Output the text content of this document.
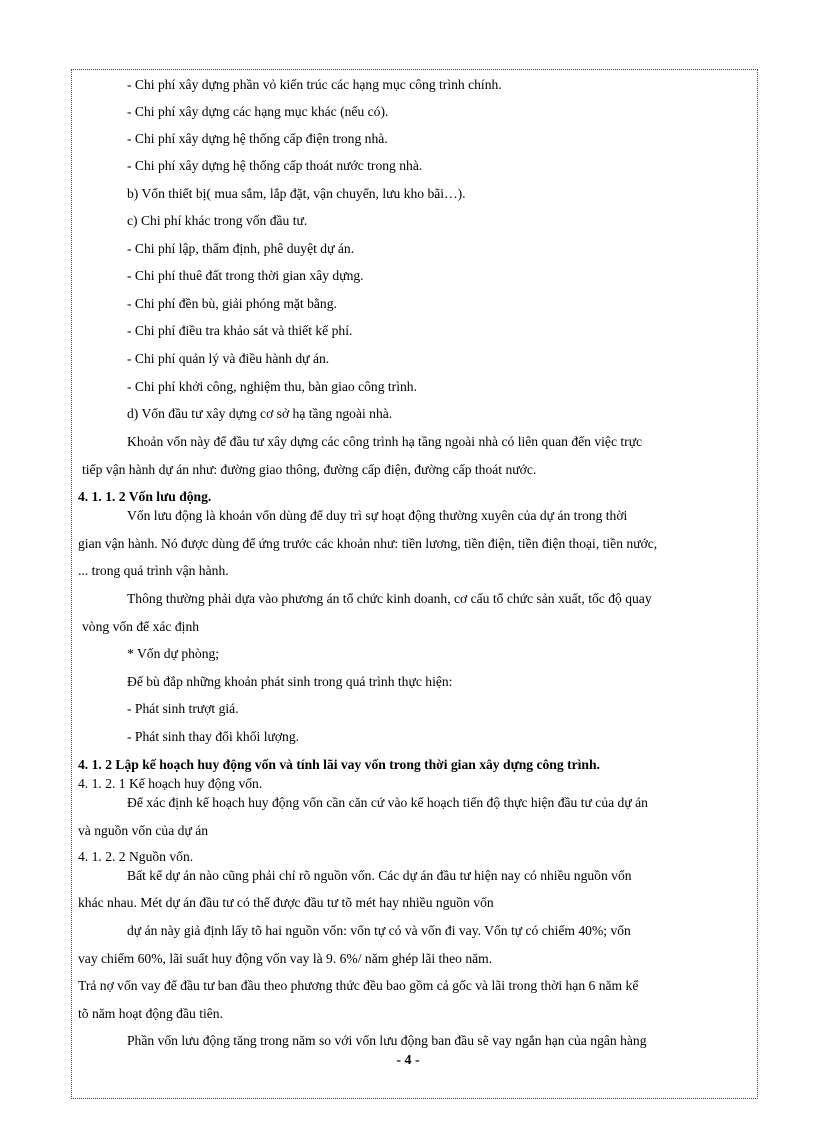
- Chi phí xây dựng phần vỏ kiến trúc các hạng mục công trình chính.
- Chi phí xây dựng các hạng mục khác (nếu có).
- Chi phí xây dựng hệ thống cấp điện trong nhà.
- Chi phí xây dựng hệ thống cấp thoát nước trong nhà.
b) Vốn thiết bị( mua sắm, lắp đặt, vận chuyển, lưu kho bãi…).
c) Chi phí khác trong vốn đầu tư.
- Chi phí lập, thẩm định, phê duyệt dự án.
- Chi phí thuê đất trong thời gian xây dựng.
- Chi phí đền bù, giải phóng mặt bằng.
- Chi phí điều tra khảo sát và thiết kế phí.
- Chi phí quản lý và điều hành dự án.
- Chi phí khởi công, nghiệm thu, bàn giao công trình.
d) Vốn đầu tư xây dựng cơ sở hạ tầng ngoài nhà.
Khoản vốn này để đầu tư xây dựng các công trình hạ tầng ngoài nhà có liên quan đến việc trực
tiếp vận hành dự án như: đường giao thông, đường cấp điện, đường cấp thoát nước.
4. 1. 1. 2 Vốn lưu động.
Vốn lưu động là khoản vốn dùng để duy trì sự hoạt động thường xuyên của dự án trong thời
gian vận hành. Nó được dùng để ứng trước các khoản như: tiền lương, tiền điện, tiền điện thoại, tiền nước,
... trong quá trình vận hành.
Thông thường phải dựa vào phương án tổ chức kinh doanh, cơ cấu tổ chức sản xuất, tốc độ quay
vòng vốn để xác định
* Vốn dự phòng;
Để bù đắp những khoản phát sinh trong quá trình thực hiện:
- Phát sinh trượt giá.
- Phát sinh thay đổi khối lượng.
4. 1. 2 Lập kế hoạch huy động vốn và tính lãi vay vốn trong thời gian xây dựng công trình.
4. 1. 2. 1 Kế hoạch huy động vốn.
Để xác định kế hoạch huy động vốn cần căn cứ vào kế hoạch tiến độ thực hiện đầu tư của dự án
và nguồn vốn của dự án
4. 1. 2. 2 Nguồn vốn.
Bất kể dự án nào cũng phải chỉ rõ nguồn vốn. Các dự án đầu tư hiện nay có nhiều nguồn vốn
khác nhau. Mét dự án đầu tư có thể được đầu tư tõ mét hay nhiều nguồn vốn
dự án này giả định lấy tõ hai nguồn vốn: vốn tự có và vốn đi vay. Vốn tự có chiếm 40%; vốn
vay chiếm 60%, lãi suất huy động vốn vay là 9. 6%/ năm ghép lãi theo năm.
Trả nợ vốn vay để đầu tư ban đầu theo phương thức đều bao gồm cả gốc và lãi trong thời hạn 6 năm kể
tõ năm hoạt động đầu tiên.
Phần vốn lưu động tăng trong năm so với vốn lưu động ban đầu sẽ vay ngắn hạn của ngân hàng
- 4 -
